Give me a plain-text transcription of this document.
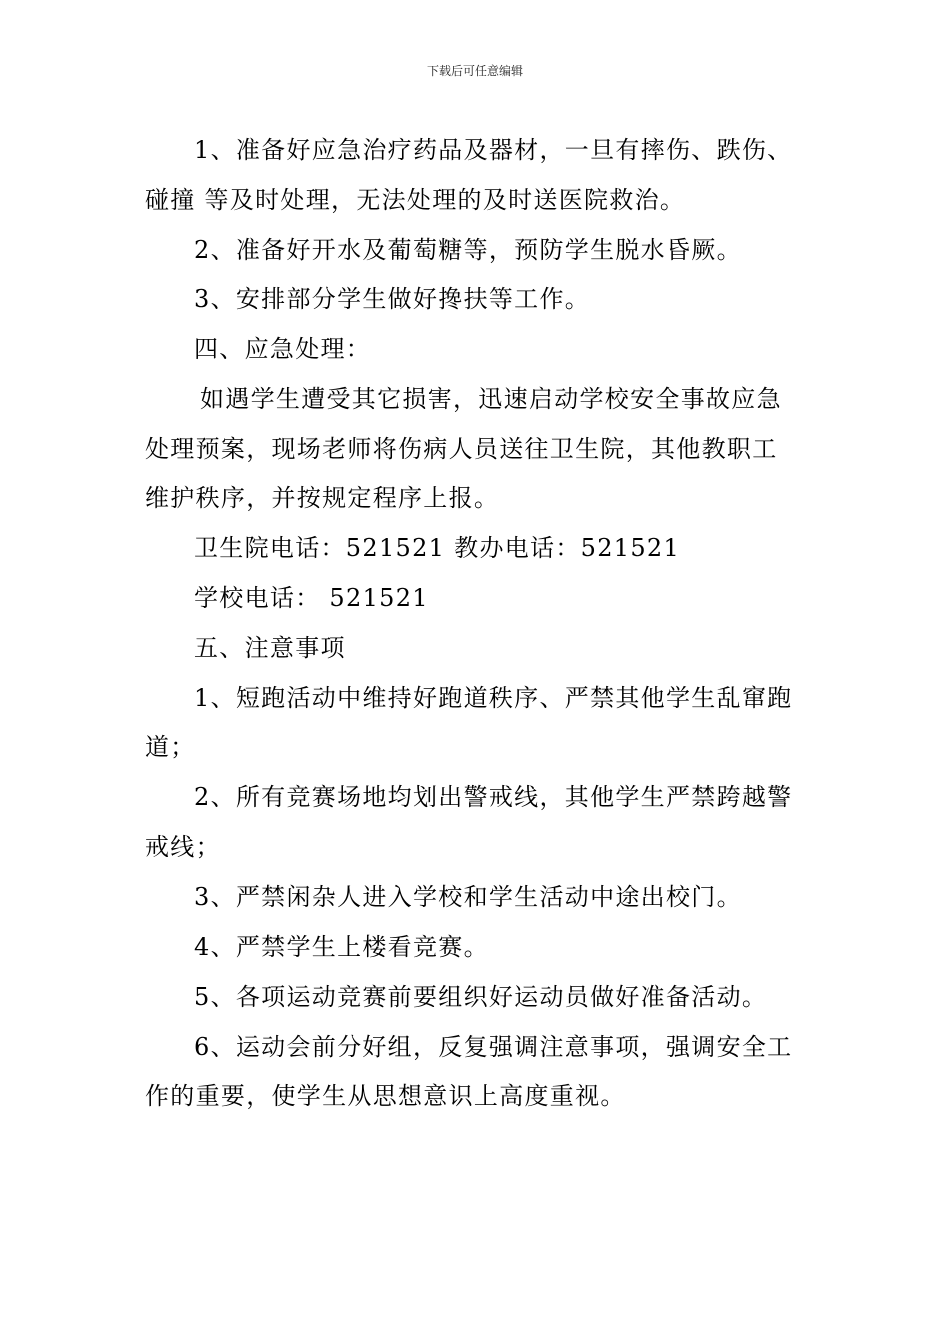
下载后可任意编辑
1、准备好应急治疗药品及器材，一旦有摔伤、跌伤、
碰撞 等及时处理，无法处理的及时送医院救治。
2、准备好开水及葡萄糖等，预防学生脱水昏厥。
3、安排部分学生做好搀扶等工作。
四、应急处理：
如遇学生遭受其它损害，迅速启动学校安全事故应急
处理预案，现场老师将伤病人员送往卫生院，其他教职工
维护秩序，并按规定程序上报。
卫生院电话：521521 教办电话：521521
学校电话： 521521
五、注意事项
1、短跑活动中维持好跑道秩序、严禁其他学生乱窜跑
道；
2、所有竞赛场地均划出警戒线，其他学生严禁跨越警
戒线；
3、严禁闲杂人进入学校和学生活动中途出校门。
4、严禁学生上楼看竞赛。
5、各项运动竞赛前要组织好运动员做好准备活动。
6、运动会前分好组，反复强调注意事项，强调安全工
作的重要，使学生从思想意识上高度重视。
